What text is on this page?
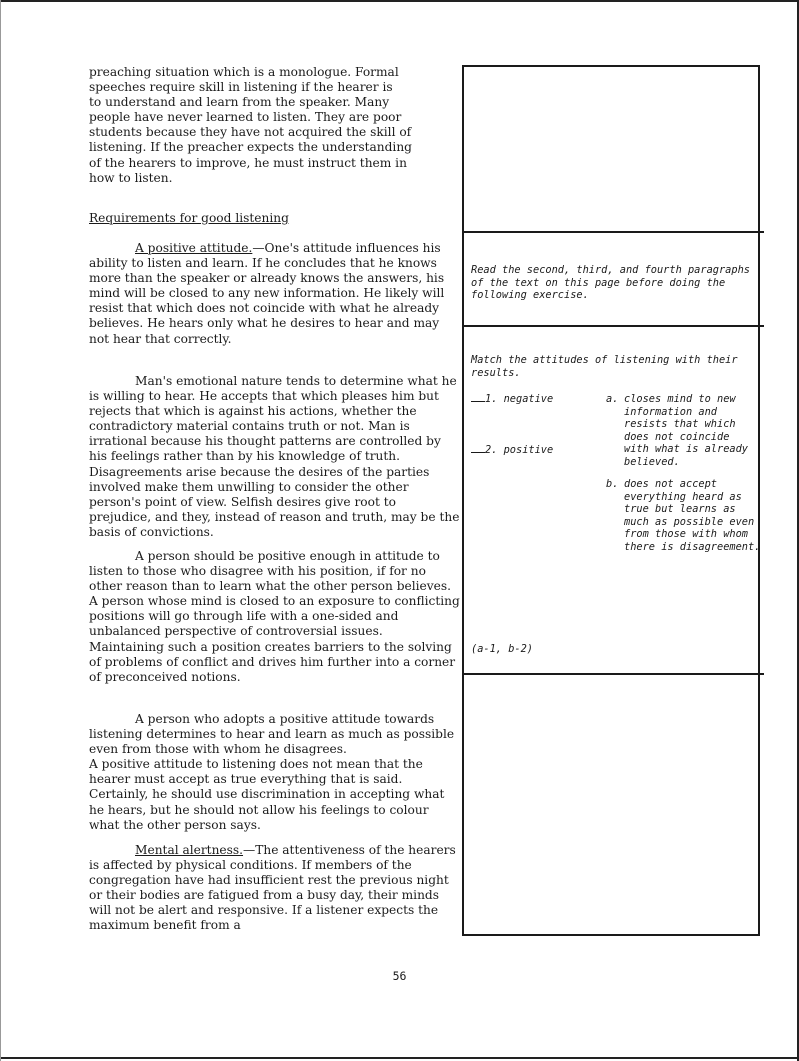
preaching situation which is a monologue. Formal

speeches require skill in listening if the hearer is

to understand and learn from the speaker. Many

people have never learned to listen. They are poor

students because they have not acquired the skill of

listening. If the preacher expects the understanding

of the hearers to improve, he must instruct them in

how to listen.

Requirements for good listening

A positive attitude.—One's attitude influences his ability to listen and learn. If he concludes that he knows more than the speaker or already knows the answers, his mind will be closed to any new information. He likely will resist that which does not coincide with what he already believes. He hears only what he desires to hear and may not hear that correctly.

Man's emotional nature tends to determine what he is willing to hear. He accepts that which pleases him but rejects that which is against his actions, whether the contradictory material contains truth or not. Man is irrational because his thought patterns are controlled by his feelings rather than by his knowledge of truth. Disagreements arise because the desires of the parties involved make them unwilling to consider the other person's point of view. Selfish desires give root to prejudice, and they, instead of reason and truth, may be the basis of convictions.

A person should be positive enough in attitude to listen to those who disagree with his position, if for no other reason than to learn what the other person believes. A person whose mind is closed to an exposure to conflicting positions will go through life with a one-sided and unbalanced perspective of controversial issues. Maintaining such a position creates barriers to the solving of problems of conflict and drives him further into a corner of preconceived notions.

A person who adopts a positive attitude towards listening determines to hear and learn as much as possible even from those with whom he disagrees.

A positive attitude to listening does not mean that the hearer must accept as true everything that is said. Certainly, he should use discrimination in accepting what he hears, but he should not allow his feelings to colour what the other person says.

Mental alertness.—The attentiveness of the hearers is affected by physical conditions. If members of the congregation have had insufficient rest the previous night or their bodies are fatigued from a busy day, their minds will not be alert and responsive. If a listener expects the maximum benefit from a

Read the second, third, and fourth paragraphs of the text on this page before doing the following exercise.
Match the attitudes of listening with their results.
1. negative
2. positive
a. closes mind to new information and resists that which does not coincide with what is already believed.
b. does not accept everything heard as true but learns as much as possible even from those with whom there is disagreement.
(a-1, b-2)
56
